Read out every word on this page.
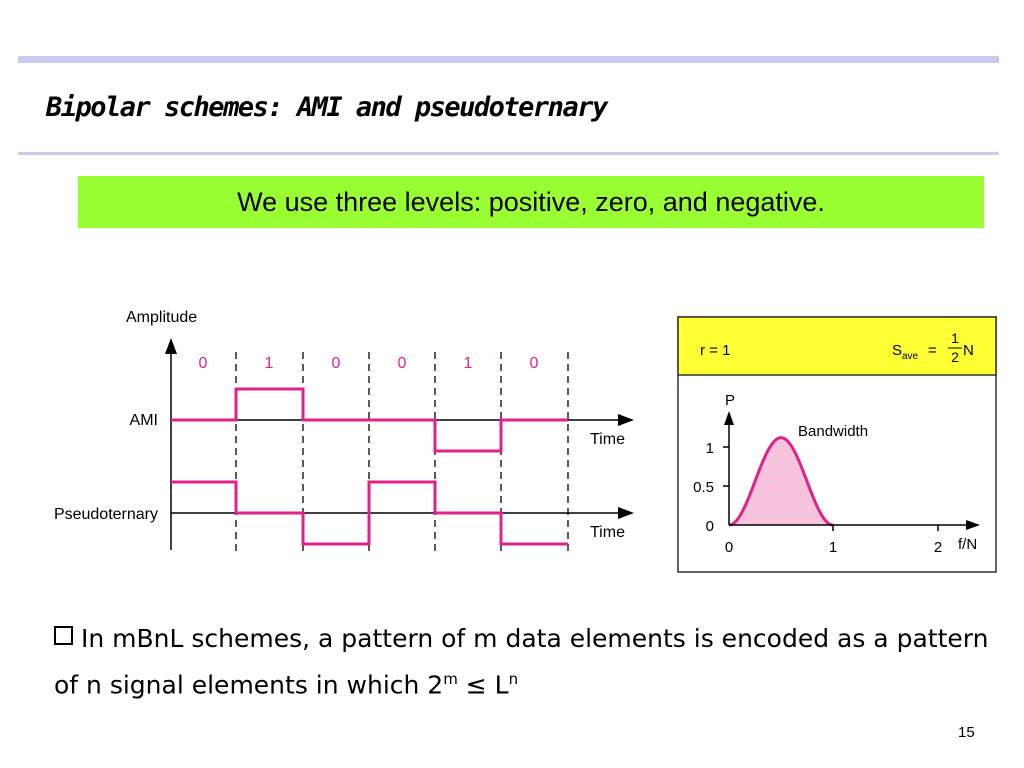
Bipolar schemes: AMI and pseudoternary
We use three levels: positive, zero, and negative.
Amplitude
0	1	0	0	1	0
AMI
Pseudoternary
Time
Time
r = 1	S ave =
1
2 N
P
1
0.5
0
0	1	2 f/N
Bandwidth
In mBnL schemes, a pattern of m data elements is encoded as a pattern of n signal elements in which $2^m \le L^n$
15
